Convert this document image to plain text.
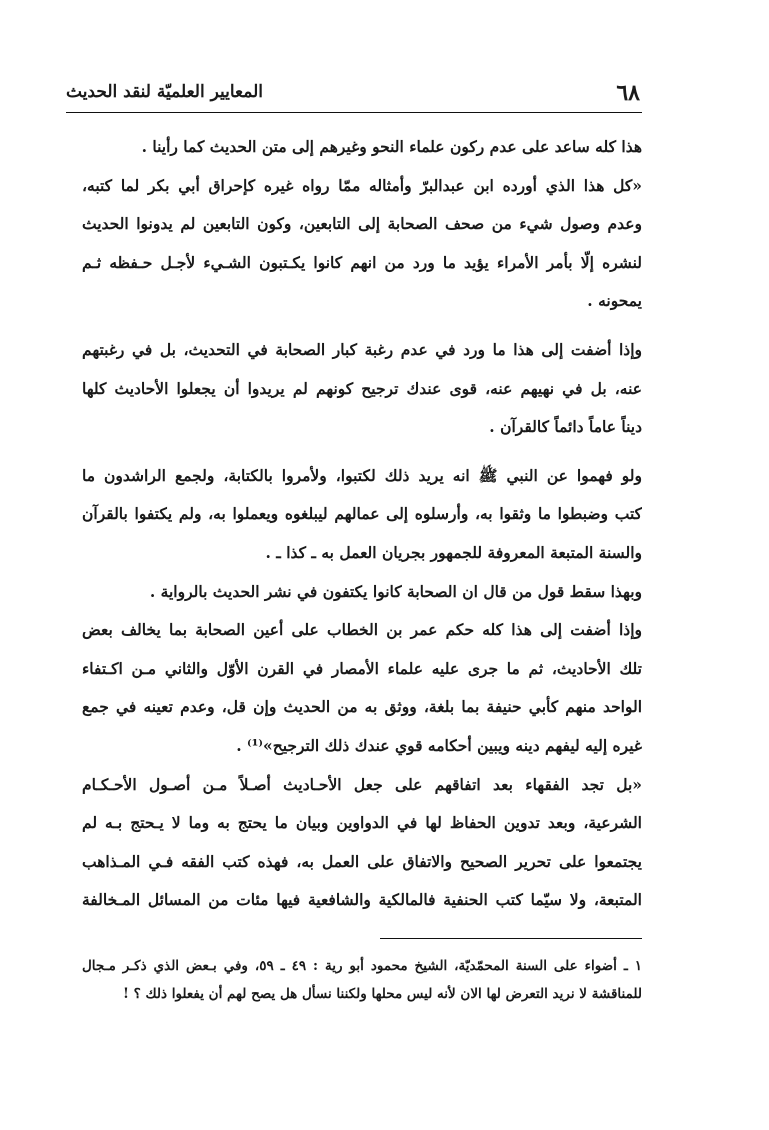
٦٨
المعايير العلميّة لنقد الحديث

هذا كله ساعد على عدم ركون علماء النحو وغيرهم إلى متن الحديث كما رأينا .

«كل هذا الذي أورده ابن عبدالبرّ وأمثاله ممّا رواه غيره كإحراق أبي بكر لما كتبه،
وعدم وصول شيء من صحف الصحابة إلى التابعين، وكون التابعين لم يدونوا الحديث
لنشره إلّا بأمر الأمراء يؤيد ما ورد من انهم كانوا يكـتبون الشـيء لأجـل حـفظه ثـم
يمحونه .

وإذا أضفت إلى هذا ما ورد في عدم رغبة كبار الصحابة في التحديث، بل في رغبتهم
عنه، بل في نهيهم عنه، قوى عندك ترجيح كونهم لم يريدوا أن يجعلوا الأحاديث كلها
ديناً عاماً دائماً كالقرآن .

ولو فهموا عن النبي ﷺ انه يريد ذلك لكتبوا، ولأمروا بالكتابة، ولجمع الراشدون ما
كتب وضبطوا ما وثقوا به، وأرسلوه إلى عمالهم ليبلغوه ويعملوا به، ولم يكتفوا بالقرآن
والسنة المتبعة المعروفة للجمهور بجريان العمل به ـ كذا ـ .

وبهذا سقط قول من قال ان الصحابة كانوا يكتفون في نشر الحديث بالرواية .
وإذا أضفت إلى هذا كله حكم عمر بن الخطاب على أعين الصحابة بما يخالف بعض
تلك الأحاديث، ثم ما جرى عليه علماء الأمصار في القرن الأوّل والثاني مـن اكـتفاء
الواحد منهم كأبي حنيفة بما بلغة، ووثق به من الحديث وإن قل، وعدم تعينه في جمع
غيره إليه ليفهم دينه ويبين أحكامه قوي عندك ذلك الترجيح»⁽¹⁾ .

«بل تجد الفقهاء بعد اتفاقهم على جعل الأحـاديث أصـلاً مـن أصـول الأحـكـام
الشرعية، وبعد تدوين الحفاظ لها في الدواوين وبيان ما يحتج به وما لا يـحتج بـه لم
يجتمعوا على تحرير الصحيح والاتفاق على العمل به، فهذه كتب الفقه فـي المـذاهب
المتبعة، ولا سيّما كتب الحنفية فالمالكية والشافعية فيها مئات من المسائل المـخالفة

١ ـ أضواء على السنة المحمّديّة، الشيخ محمود أبو رية : ٤٩ ـ ٥٩، وفي بـعض الذي ذكـر مـجال
للمناقشة لا نريد التعرض لها الان لأنه ليس محلها ولكننا نسأل هل يصح لهم أن يفعلوا ذلك ؟ !
